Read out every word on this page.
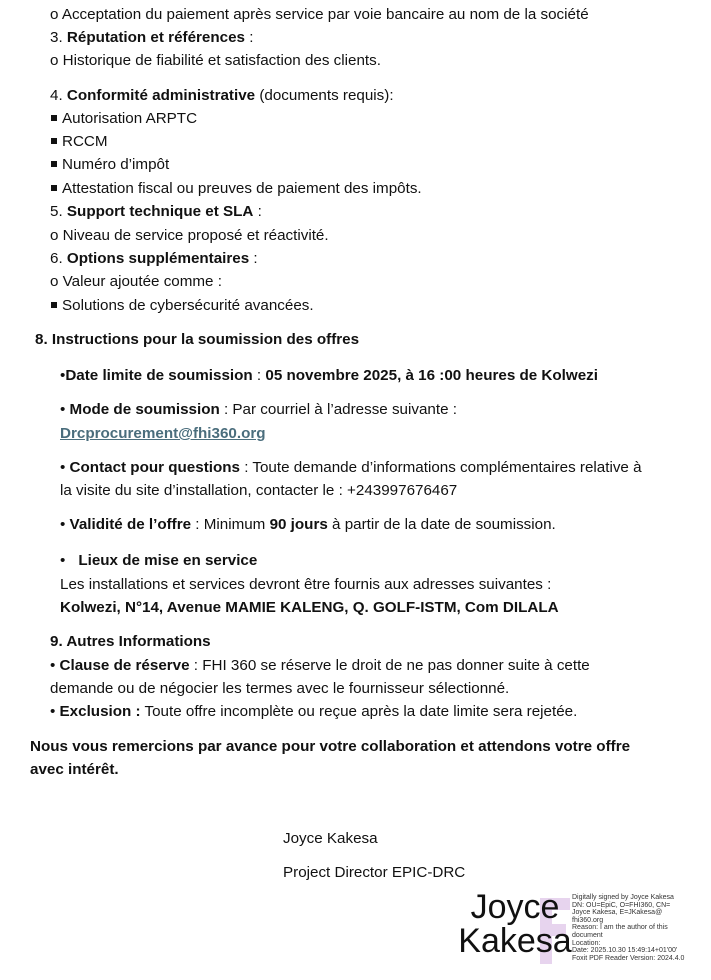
o Acceptation du paiement après service par voie bancaire au nom de la société
3. Réputation et références :
o Historique de fiabilité et satisfaction des clients.
4. Conformité administrative (documents requis):
Autorisation ARPTC
RCCM
Numéro d’impôt
Attestation fiscal ou preuves de paiement des impôts.
5. Support technique et SLA :
o Niveau de service proposé et réactivité.
6. Options supplémentaires :
o Valeur ajoutée comme :
Solutions de cybersécurité avancées.
8. Instructions pour la soumission des offres
•Date limite de soumission : 05 novembre 2025, à 16 :00 heures de Kolwezi
• Mode de soumission : Par courriel à l’adresse suivante :
Drcprocurement@fhi360.org
• Contact pour questions : Toute demande d’informations complémentaires relative à
la visite du site d’installation, contacter le : +243997676467
• Validité de l’offre : Minimum 90 jours à partir de la date de soumission.
• Lieux de mise en service
Les installations et services devront être fournis aux adresses suivantes :
Kolwezi, N°14, Avenue MAMIE KALENG, Q. GOLF-ISTM, Com DILALA
9. Autres Informations
• Clause de réserve : FHI 360 se réserve le droit de ne pas donner suite à cette
demande ou de négocier les termes avec le fournisseur sélectionné.
• Exclusion : Toute offre incomplète ou reçue après la date limite sera rejetée.
Nous vous remercions par avance pour votre collaboration et attendons votre offre
avec intérêt.
Joyce Kakesa
Project Director EPIC-DRC
Joyce
Kakesa
Digitally signed by Joyce Kakesa
DN: OU=EpiC, O=FHI360, CN=
Joyce Kakesa, E=JKakesa@
fhi360.org
Reason: I am the author of this
document
Location:
Date: 2025.10.30 15:49:14+01'00'
Foxit PDF Reader Version: 2024.4.0
